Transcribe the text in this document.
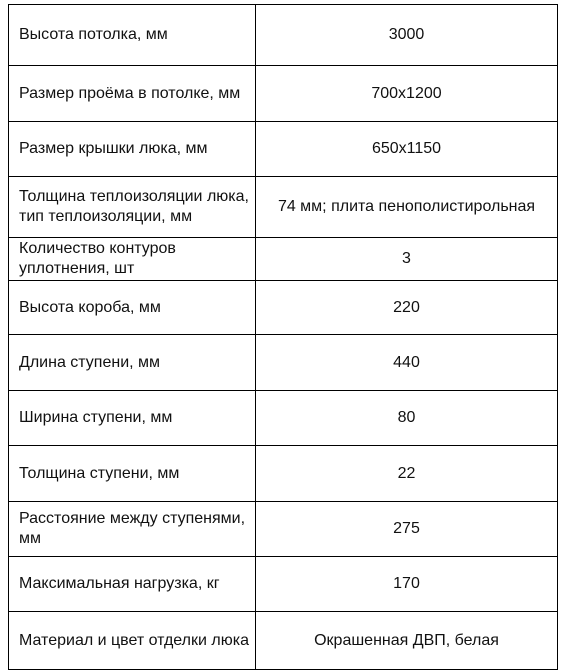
Высота потолка, мм	3000
Размер проёма в потолке, мм	700x1200
Размер крышки люка, мм	650x1150
Толщина теплоизоляции люка, тип теплоизоляции, мм	74 мм; плита пенополистирольная
Количество контуров уплотнения, шт	3
Высота короба, мм	220
Длина ступени, мм	440
Ширина ступени, мм	80
Толщина ступени, мм	22
Расстояние между ступенями, мм	275
Максимальная нагрузка, кг	170
Материал и цвет отделки люка	Окрашенная ДВП, белая
